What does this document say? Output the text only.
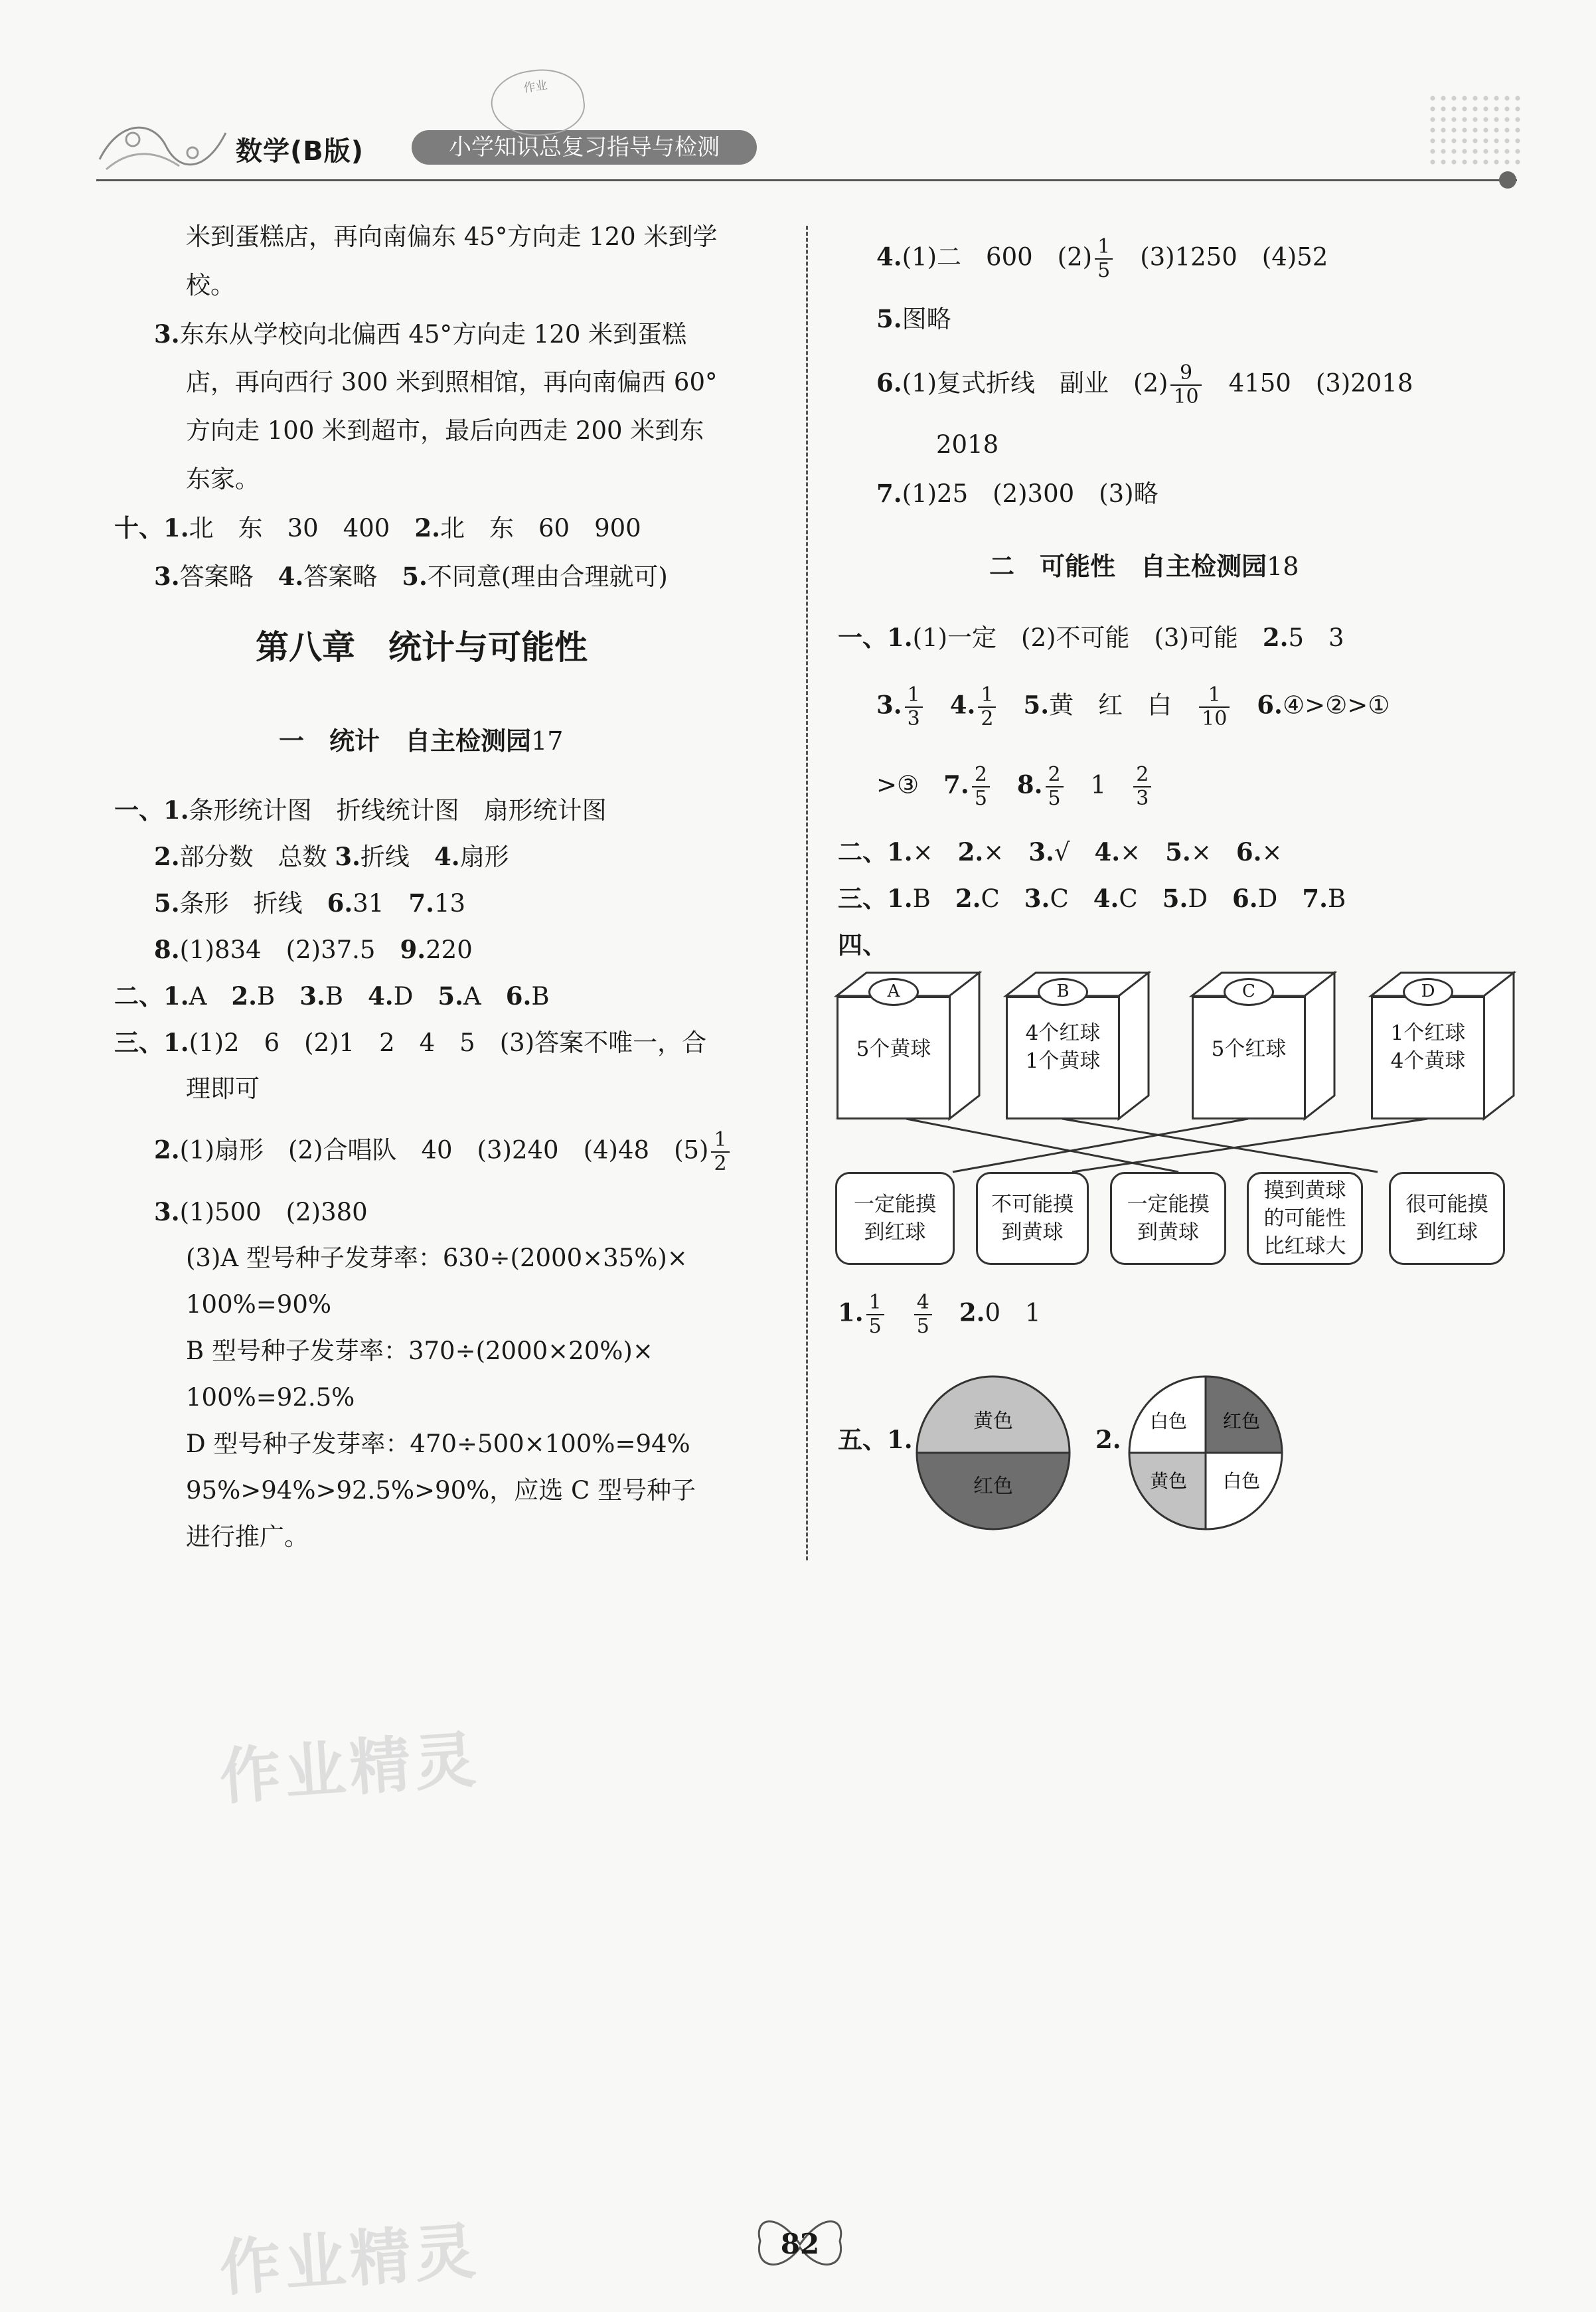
数学(B版)	小学知识总复习指导与检测
作业
米到蛋糕店，再向南偏东 45°方向走 120 米到学
校。
3.东东从学校向北偏西 45°方向走 120 米到蛋糕
店，再向西行 300 米到照相馆，再向南偏西 60°
方向走 100 米到超市，最后向西走 200 米到东
东家。
十、1.北　东　30　400　 2.北　东　60　900
3.答案略　 4.答案略　 5.不同意(理由合理就可)
第八章　统计与可能性
一　统计　自主检测园17
一、1.条形统计图　折线统计图　扇形统计图
2.部分数　总数 3.折线　 4.扇形
5.条形　折线　 6.31　 7.13
8.(1)834　(2)37.5　 9.220
二、1.A　2.B　3.B　4.D　5.A　6.B
三、1.(1)2　6　(2)1　2　4　5　(3)答案不唯一，合
理即可
2.(1)扇形　(2)合唱队　40　(3)240　(4)48　$(5) \frac{1}{2}$
3.(1)500　(2)380
(3)A 型号种子发芽率：630÷(2000×35%)×
100%=90%
B 型号种子发芽率：370÷(2000×20%)×
100%=92.5%
D 型号种子发芽率：470÷500×100%=94%
95%>94%>92.5%>90%，应选 C 型号种子
进行推广。
4.(1)二　600　$(2) \frac{1}{5}$
　 (3)1250　(4)52
5.图略
6.(1)复式折线　副业　$(2) \frac{9}{10}$
　 4150　(3)2018
2018
7.(1)25　(2)300　(3)略
二　可能性　自主检测园18
一、1.(1)一定　(2)不可能　(3)可能　 2.5　3
3. $\frac{1}{3}$
　 4. $\frac{1}{2}$
　 5.黄　红　白　 $\frac{1}{10}$
　 6.④>②>①
>③　 7. $\frac{2}{5}$
　 8. $\frac{2}{5}$
　 1　 $\frac{2}{3}$
二、1.×　 2.×　 3.√　 4.×　 5.×　 6.×
三、1.B　 2.C　 3.C　 4.C　 5.D　 6.D　 7.B
四、
A
5个黄球
B
4个红球
1个黄球
C
5个红球
D
1个红球
4个黄球
一定能摸
到红球
不可能摸
到黄球
一定能摸
到黄球
摸到黄球
的可能性
比红球大
很可能摸
到红球
1. $\frac{1}{5}$
　 $\frac{4}{5}$
　 2.0　1
五、1.	2.
黄色
红色
白色 红色
黄色 白色
作业精灵
作业精灵	82
